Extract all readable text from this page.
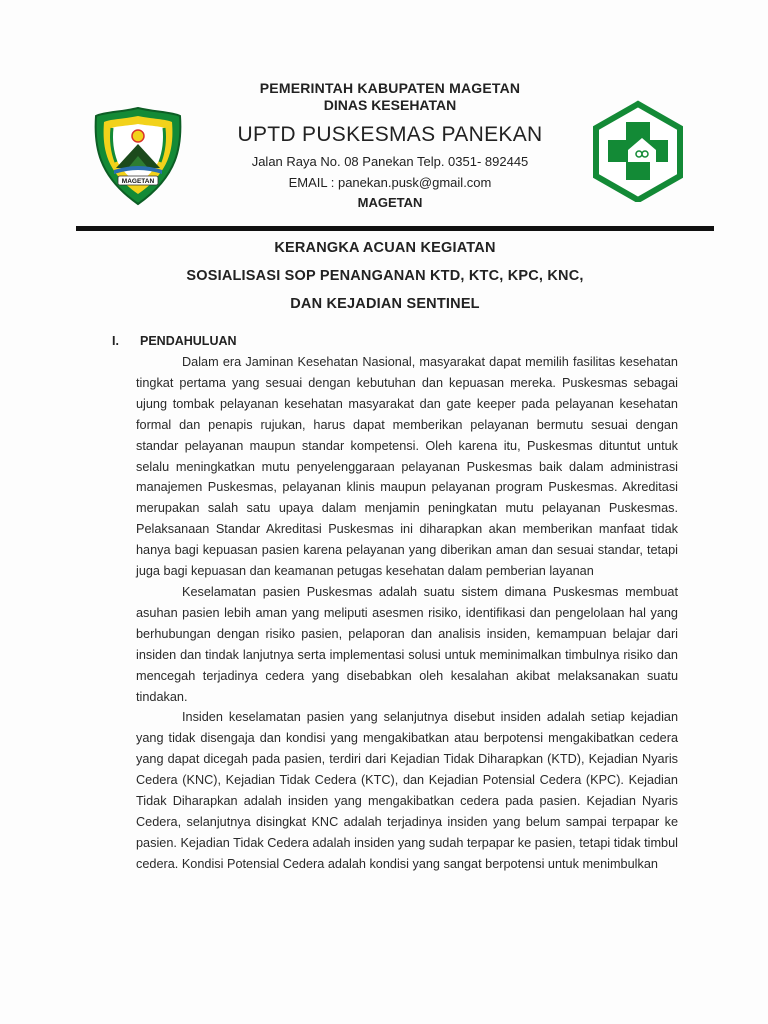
MAGETAN
PEMERINTAH KABUPATEN MAGETAN
DINAS KESEHATAN
UPTD PUSKESMAS PANEKAN
Jalan Raya No. 08 Panekan Telp. 0351- 892445
EMAIL : panekan.pusk@gmail.com
MAGETAN
KERANGKA ACUAN KEGIATAN
SOSIALISASI SOP PENANGANAN KTD, KTC, KPC, KNC,
DAN KEJADIAN SENTINEL
I. PENDAHULUAN

Dalam era Jaminan Kesehatan Nasional, masyarakat dapat memilih fasilitas kesehatan tingkat pertama yang sesuai dengan kebutuhan dan kepuasan mereka. Puskesmas sebagai ujung tombak pelayanan kesehatan masyarakat dan gate keeper pada pelayanan kesehatan formal dan penapis rujukan, harus dapat memberikan pelayanan bermutu sesuai dengan standar pelayanan maupun standar kompetensi. Oleh karena itu, Puskesmas dituntut untuk selalu meningkatkan mutu penyelenggaraan pelayanan Puskesmas baik dalam administrasi manajemen Puskesmas, pelayanan klinis maupun pelayanan program Puskesmas. Akreditasi merupakan salah satu upaya dalam menjamin peningkatan mutu pelayanan Puskesmas. Pelaksanaan Standar Akreditasi Puskesmas ini diharapkan akan memberikan manfaat tidak hanya bagi kepuasan pasien karena pelayanan yang diberikan aman dan sesuai standar, tetapi juga bagi kepuasan dan keamanan petugas kesehatan dalam pemberian layanan

Keselamatan pasien Puskesmas adalah suatu sistem dimana Puskesmas membuat asuhan pasien lebih aman yang meliputi asesmen risiko, identifikasi dan pengelolaan hal yang berhubungan dengan risiko pasien, pelaporan dan analisis insiden, kemampuan belajar dari insiden dan tindak lanjutnya serta implementasi solusi untuk meminimalkan timbulnya risiko dan mencegah terjadinya cedera yang disebabkan oleh kesalahan akibat melaksanakan suatu tindakan.

Insiden keselamatan pasien yang selanjutnya disebut insiden adalah setiap kejadian yang tidak disengaja dan kondisi yang mengakibatkan atau berpotensi mengakibatkan cedera yang dapat dicegah pada pasien, terdiri dari Kejadian Tidak Diharapkan (KTD), Kejadian Nyaris Cedera (KNC), Kejadian Tidak Cedera (KTC), dan Kejadian Potensial Cedera (KPC). Kejadian Tidak Diharapkan adalah insiden yang mengakibatkan cedera pada pasien. Kejadian Nyaris Cedera, selanjutnya disingkat KNC adalah terjadinya insiden yang belum sampai terpapar ke pasien. Kejadian Tidak Cedera adalah insiden yang sudah terpapar ke pasien, tetapi tidak timbul cedera. Kondisi Potensial Cedera adalah kondisi yang sangat berpotensi untuk menimbulkan
